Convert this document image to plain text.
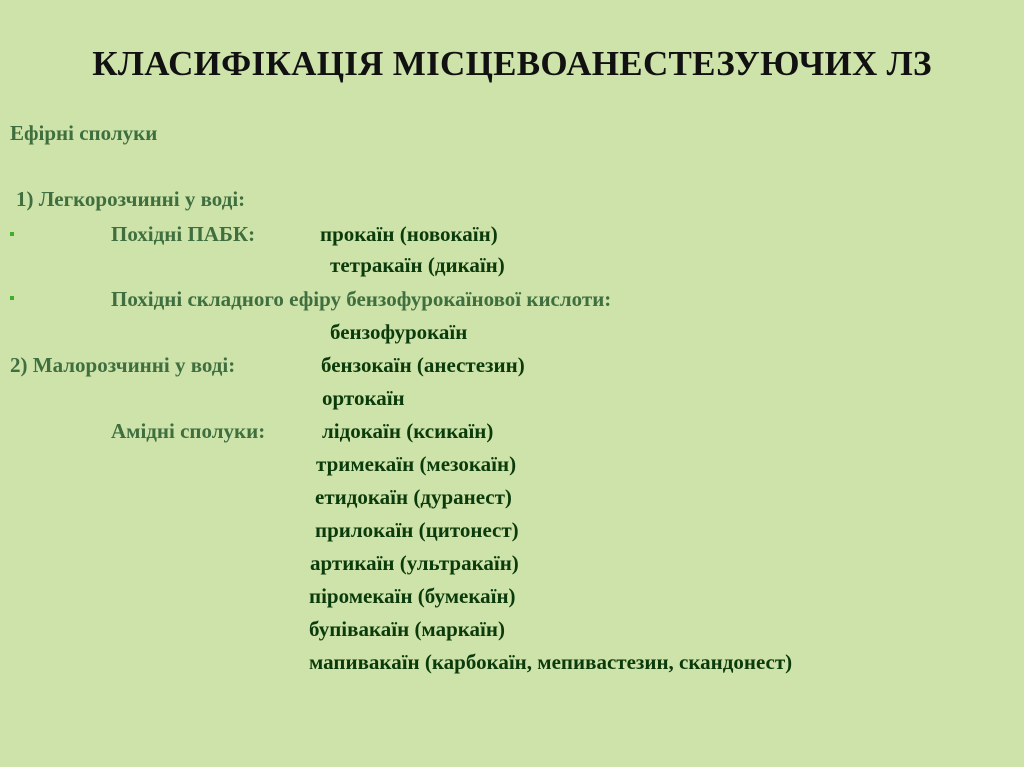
КЛАСИФІКАЦІЯ МІСЦЕВОАНЕСТЕЗУЮЧИХ ЛЗ
Ефірні сполуки
1) Легкорозчинні у воді:
Похідні ПАБК:	прокаїн (новокаїн)
тетракаїн (дикаїн)
Похідні складного ефіру бензофурокаїнової кислоти:
бензофурокаїн
2) Малорозчинні у воді:	бензокаїн (анестезин)
ортокаїн
Амідні сполуки:	лідокаїн (ксикаїн)
тримекаїн (мезокаїн)
етидокаїн (дуранест)
прилокаїн (цитонест)
артикаїн (ультракаїн)
піромекаїн (бумекаїн)
бупівакаїн (маркаїн)
мапивакаїн (карбокаїн, мепивастезин, скандонест)
